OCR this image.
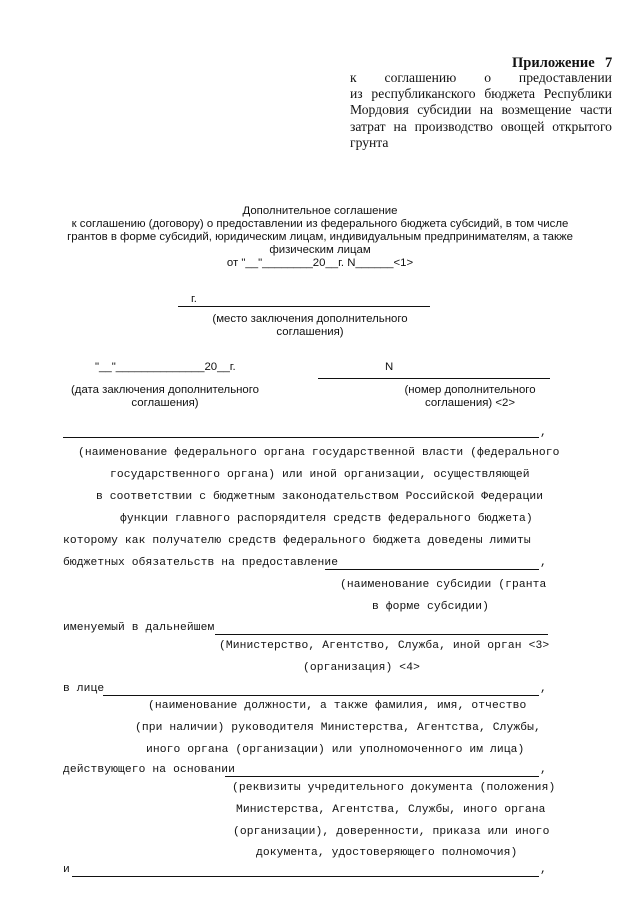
Приложение 7
к соглашению о предоставлении
из республиканского бюджета Республики
Мордовия субсидии на возмещение части
затрат на производство овощей открытого
грунта
Дополнительное соглашение
к соглашению (договору) о предоставлении из федерального бюджета субсидий, в том числе
грантов в форме субсидий, юридическим лицам, индивидуальным предпринимателям, а также
физическим лицам
от "__"________20__г. N______<1>
г.
(место заключения дополнительного
соглашения)
"__"______________20__г.
(дата заключения дополнительного
соглашения)
N
(номер дополнительного
соглашения) <2>
,
(наименование федерального органа государственной власти (федерального
государственного органа) или иной организации, осуществляющей
в соответствии с бюджетным законодательством Российской Федерации
функции главного распорядителя средств федерального бюджета)
которому как получателю средств федерального бюджета доведены лимиты
бюджетных обязательств на предоставление	,
(наименование субсидии (гранта
в форме субсидии)
именуемый в дальнейшем
(Министерство, Агентство, Служба, иной орган <3>
(организация) <4>
в лице	,
(наименование должности, а также фамилия, имя, отчество
(при наличии) руководителя Министерства, Агентства, Службы,
иного органа (организации) или уполномоченного им лица)
действующего на основании	,
(реквизиты учредительного документа (положения)
Министерства, Агентства, Службы, иного органа
(организации), доверенности, приказа или иного
документа, удостоверяющего полномочия)
и	,
